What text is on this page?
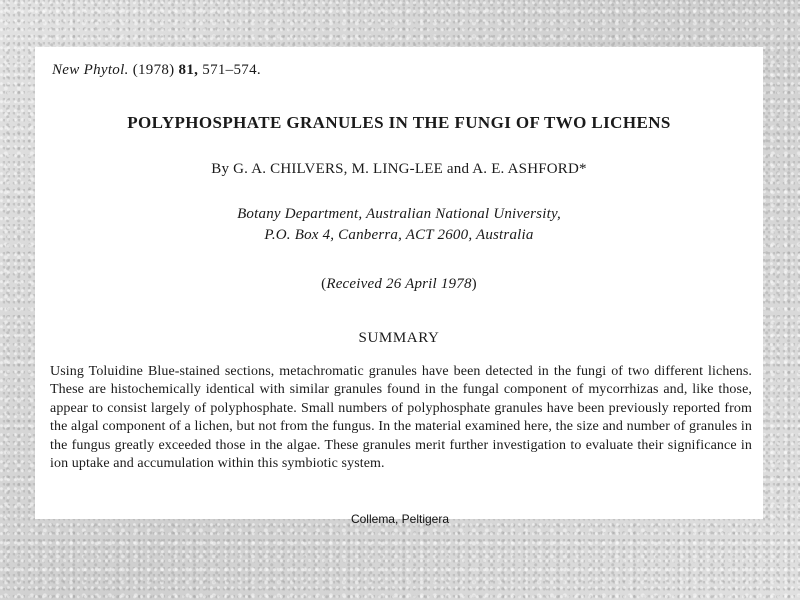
New Phytol. (1978) 81, 571–574.
POLYPHOSPHATE GRANULES IN THE FUNGI OF TWO LICHENS
By G. A. CHILVERS, M. LING-LEE and A. E. ASHFORD*
Botany Department, Australian National University,
P.O. Box 4, Canberra, ACT 2600, Australia
(Received 26 April 1978)
SUMMARY

Using Toluidine Blue-stained sections, metachromatic granules have been detected in the fungi of two different lichens. These are histochemically identical with similar granules found in the fungal component of mycorrhizas and, like those, appear to consist largely of polyphosphate. Small numbers of polyphosphate granules have been previously reported from the algal component of a lichen, but not from the fungus. In the material examined here, the size and number of granules in the fungus greatly exceeded those in the algae. These granules merit further investigation to evaluate their significance in ion uptake and accumulation within this symbiotic system.

Collema, Peltigera
